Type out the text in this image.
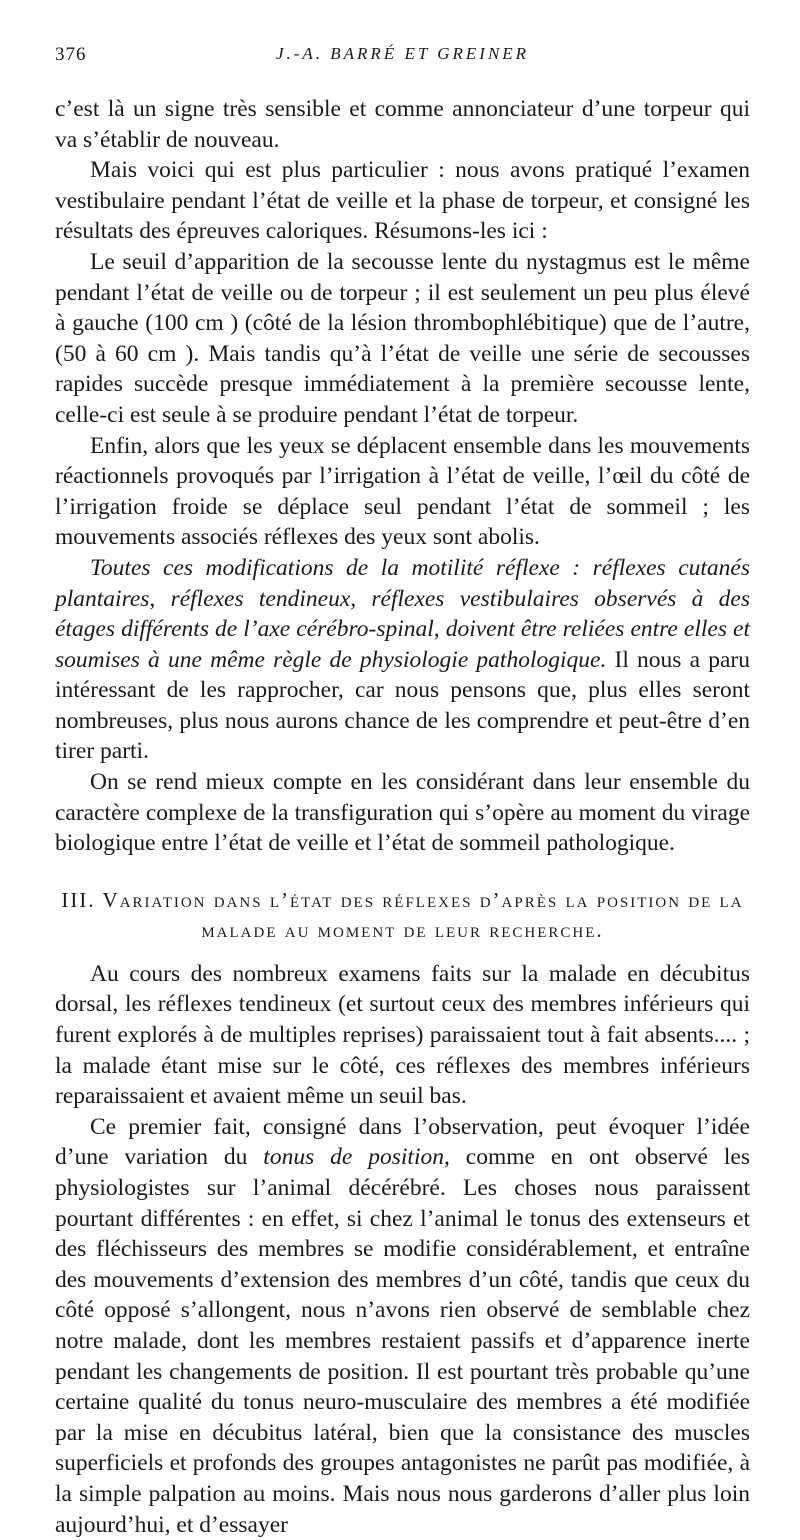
376	J.-A. BARRÉ ET GREINER

c’est là un signe très sensible et comme annonciateur d’une torpeur qui va s’établir de nouveau.

Mais voici qui est plus particulier : nous avons pratiqué l’examen vestibulaire pendant l’état de veille et la phase de torpeur, et consigné les résultats des épreuves caloriques. Résumons-les ici :

Le seuil d’apparition de la secousse lente du nystagmus est le même pendant l’état de veille ou de torpeur ; il est seulement un peu plus élevé à gauche (100 cm ) (côté de la lésion thrombophlébitique) que de l’autre, (50 à 60 cm ). Mais tandis qu’à l’état de veille une série de secousses rapides succède presque immédiatement à la première secousse lente, celle-ci est seule à se produire pendant l’état de torpeur.

Enfin, alors que les yeux se déplacent ensemble dans les mouvements réactionnels provoqués par l’irrigation à l’état de veille, l’œil du côté de l’irrigation froide se déplace seul pendant l’état de sommeil ; les mouvements associés réflexes des yeux sont abolis.

Toutes ces modifications de la motilité réflexe : réflexes cutanés plantaires, réflexes tendineux, réflexes vestibulaires observés à des étages différents de l’axe cérébro-spinal, doivent être reliées entre elles et soumises à une même règle de physiologie pathologique. Il nous a paru intéressant de les rapprocher, car nous pensons que, plus elles seront nombreuses, plus nous aurons chance de les comprendre et peut-être d’en tirer parti.

On se rend mieux compte en les considérant dans leur ensemble du caractère complexe de la transfiguration qui s’opère au moment du virage biologique entre l’état de veille et l’état de sommeil pathologique.

III. Variation dans l’état des réflexes d’après la position de la malade au moment de leur recherche.

Au cours des nombreux examens faits sur la malade en décubitus dorsal, les réflexes tendineux (et surtout ceux des membres inférieurs qui furent explorés à de multiples reprises) paraissaient tout à fait absents.... ; la malade étant mise sur le côté, ces réflexes des membres inférieurs reparaissaient et avaient même un seuil bas.

Ce premier fait, consigné dans l’observation, peut évoquer l’idée d’une variation du tonus de position, comme en ont observé les physiologistes sur l’animal décérébré. Les choses nous paraissent pourtant différentes : en effet, si chez l’animal le tonus des extenseurs et des fléchisseurs des membres se modifie considérablement, et entraîne des mouvements d’extension des membres d’un côté, tandis que ceux du côté opposé s’allongent, nous n’avons rien observé de semblable chez notre malade, dont les membres restaient passifs et d’apparence inerte pendant les changements de position. Il est pourtant très probable qu’une certaine qualité du tonus neuro-musculaire des membres a été modifiée par la mise en décubitus latéral, bien que la consistance des muscles superficiels et profonds des groupes antagonistes ne parût pas modifiée, à la simple palpation au moins. Mais nous nous garderons d’aller plus loin aujourd’hui, et d’essayer
